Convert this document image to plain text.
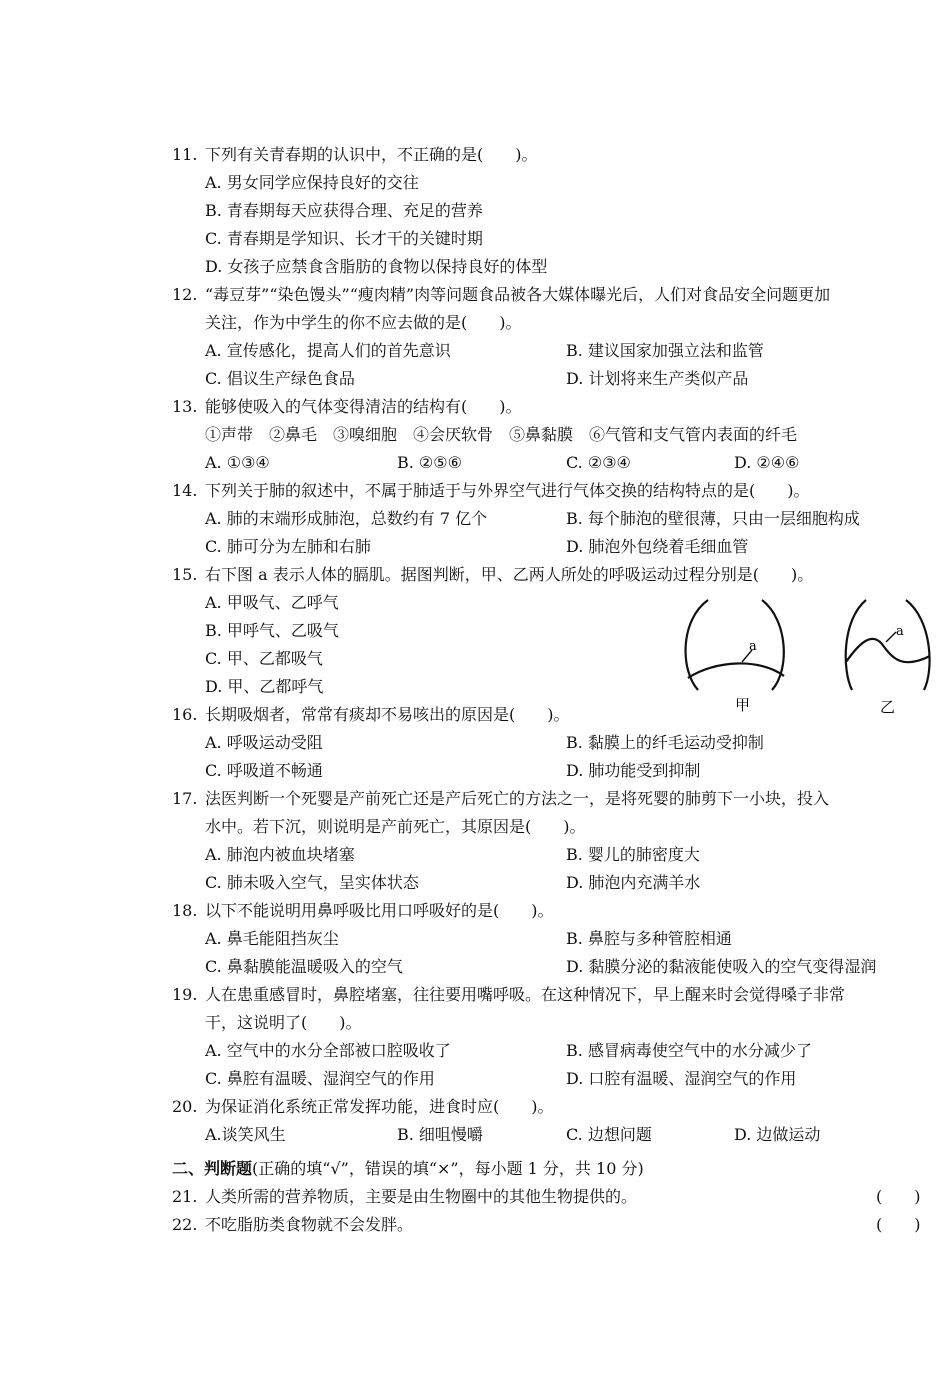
11. 下列有关青春期的认识中，不正确的是(　　)。
A. 男女同学应保持良好的交往
B. 青春期每天应获得合理、充足的营养
C. 青春期是学知识、长才干的关键时期
D. 女孩子应禁食含脂肪的食物以保持良好的体型
12. “毒豆芽”“染色馒头”“瘦肉精”肉等问题食品被各大媒体曝光后，人们对食品安全问题更加
关注，作为中学生的你不应去做的是(　　)。
A. 宣传感化，提高人们的首先意识	B. 建议国家加强立法和监管
C. 倡议生产绿色食品	D. 计划将来生产类似产品
13. 能够使吸入的气体变得清洁的结构有(　　)。
①声带　②鼻毛　③嗅细胞　④会厌软骨　⑤鼻黏膜　⑥气管和支气管内表面的纤毛
A. ①③④	B. ②⑤⑥	C. ②③④	D. ②④⑥
14. 下列关于肺的叙述中，不属于肺适于与外界空气进行气体交换的结构特点的是(　　)。
A. 肺的末端形成肺泡，总数约有 7 亿个	B. 每个肺泡的壁很薄，只由一层细胞构成
C. 肺可分为左肺和右肺	D. 肺泡外包绕着毛细血管
15. 右下图 a 表示人体的膈肌。据图判断，甲、乙两人所处的呼吸运动过程分别是(　　)。
A. 甲吸气、乙呼气
B. 甲呼气、乙吸气
C. 甲、乙都吸气
D. 甲、乙都呼气
a
甲
a
乙
16. 长期吸烟者，常常有痰却不易咳出的原因是(　　)。
A. 呼吸运动受阻	B. 黏膜上的纤毛运动受抑制
C. 呼吸道不畅通	D. 肺功能受到抑制
17. 法医判断一个死婴是产前死亡还是产后死亡的方法之一，是将死婴的肺剪下一小块，投入
水中。若下沉，则说明是产前死亡，其原因是(　　)。
A. 肺泡内被血块堵塞	B. 婴儿的肺密度大
C. 肺未吸入空气，呈实体状态	D. 肺泡内充满羊水
18. 以下不能说明用鼻呼吸比用口呼吸好的是(　　)。
A. 鼻毛能阻挡灰尘	B. 鼻腔与多种管腔相通
C. 鼻黏膜能温暖吸入的空气	D. 黏膜分泌的黏液能使吸入的空气变得湿润
19. 人在患重感冒时，鼻腔堵塞，往往要用嘴呼吸。在这种情况下，早上醒来时会觉得嗓子非常
干，这说明了(　　)。
A. 空气中的水分全部被口腔吸收了	B. 感冒病毒使空气中的水分减少了
C. 鼻腔有温暖、湿润空气的作用	D. 口腔有温暖、湿润空气的作用
20. 为保证消化系统正常发挥功能，进食时应(　　)。
A.谈笑风生	B. 细咀慢嚼	C. 边想问题	D. 边做运动
二、判断题(正确的填“√”，错误的填“×”，每小题 1 分，共 10 分)
21. 人类所需的营养物质，主要是由生物圈中的其他生物提供的。	(　　)
22. 不吃脂肪类食物就不会发胖。	(　　)
